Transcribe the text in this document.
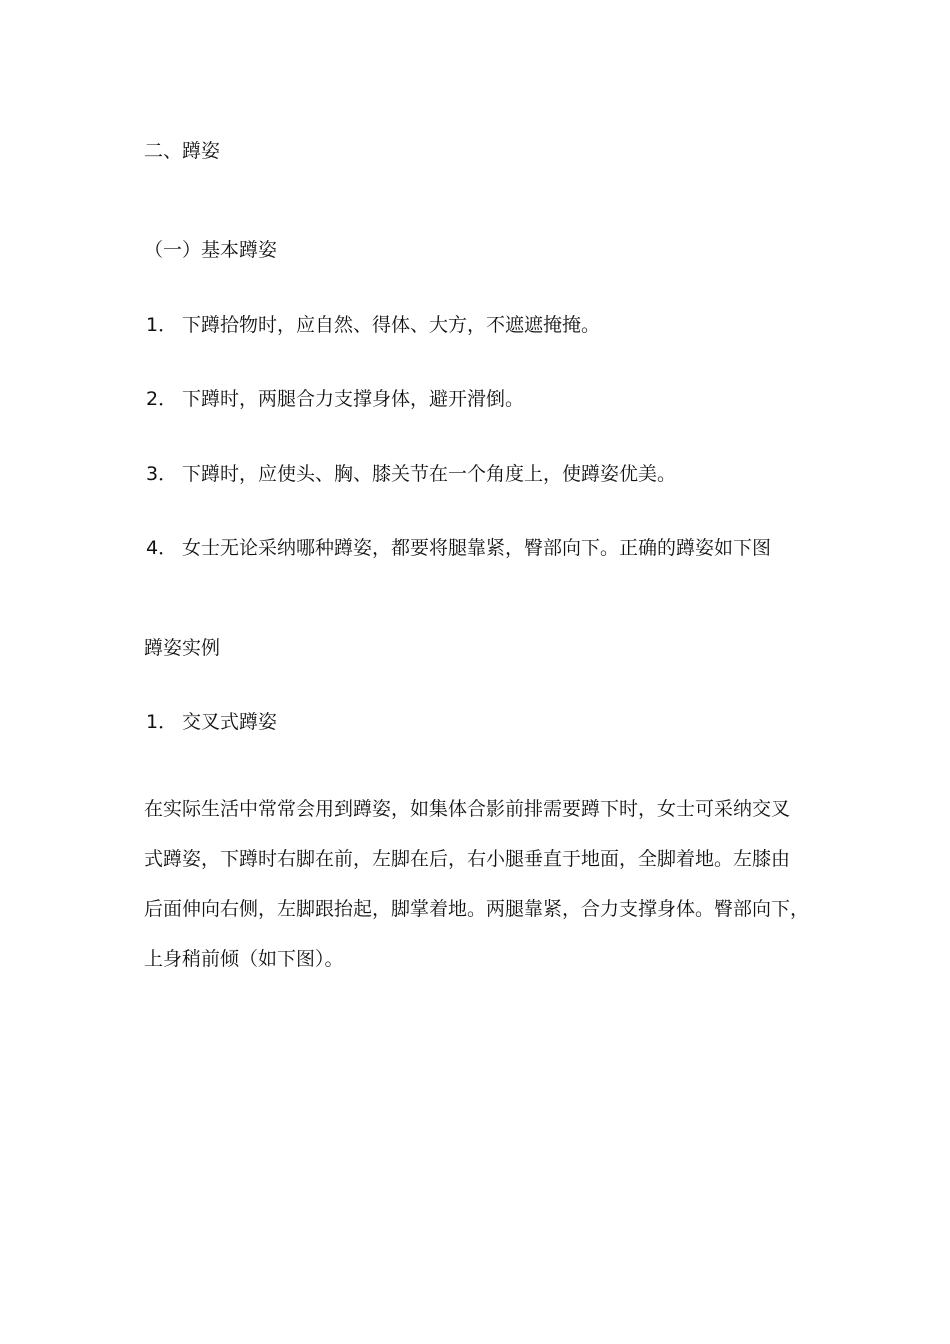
二、蹲姿
（一）基本蹲姿
1． 下蹲拾物时，应自然、得体、大方，不遮遮掩掩。
2． 下蹲时，两腿合力支撑身体，避开滑倒。
3． 下蹲时，应使头、胸、膝关节在一个角度上，使蹲姿优美。
4． 女士无论采纳哪种蹲姿，都要将腿靠紧，臀部向下。正确的蹲姿如下图
蹲姿实例
1． 交叉式蹲姿
在实际生活中常常会用到蹲姿，如集体合影前排需要蹲下时，女士可采纳交叉
式蹲姿，下蹲时右脚在前，左脚在后，右小腿垂直于地面，全脚着地。左膝由
后面伸向右侧，左脚跟抬起，脚掌着地。两腿靠紧，合力支撑身体。臀部向下，
上身稍前倾（如下图）。
